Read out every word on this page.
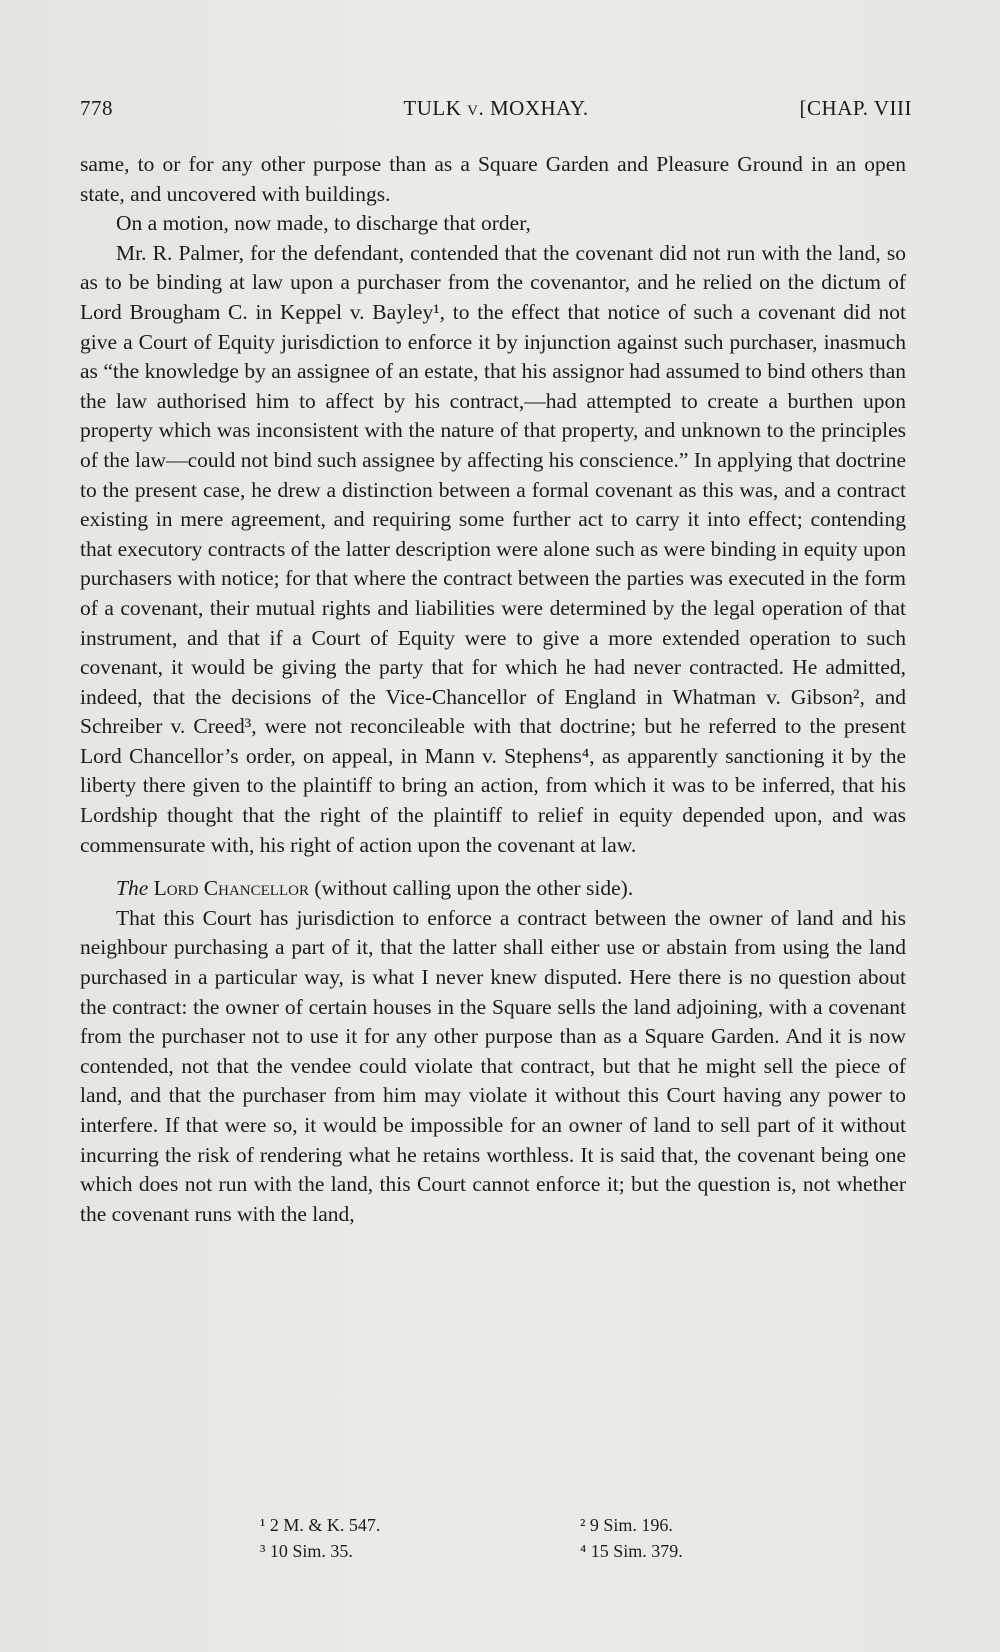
778	TULK v. MOXHAY.	[CHAP. VIII

same, to or for any other purpose than as a Square Garden and Pleasure Ground in an open state, and uncovered with buildings.

On a motion, now made, to discharge that order,

Mr. R. Palmer, for the defendant, contended that the covenant did not run with the land, so as to be binding at law upon a purchaser from the covenantor, and he relied on the dictum of Lord Brougham C. in Keppel v. Bayley¹, to the effect that notice of such a covenant did not give a Court of Equity jurisdiction to enforce it by injunction against such purchaser, inasmuch as “the knowledge by an assignee of an estate, that his assignor had assumed to bind others than the law authorised him to affect by his contract,—had attempted to create a burthen upon property which was inconsistent with the nature of that property, and unknown to the principles of the law—could not bind such assignee by affecting his conscience.” In applying that doctrine to the present case, he drew a distinction between a formal covenant as this was, and a contract existing in mere agreement, and requiring some further act to carry it into effect; contending that executory contracts of the latter description were alone such as were binding in equity upon purchasers with notice; for that where the contract between the parties was executed in the form of a covenant, their mutual rights and liabilities were determined by the legal operation of that instrument, and that if a Court of Equity were to give a more extended operation to such covenant, it would be giving the party that for which he had never contracted. He admitted, indeed, that the decisions of the Vice-Chancellor of England in Whatman v. Gibson², and Schreiber v. Creed³, were not reconcileable with that doctrine; but he referred to the present Lord Chancellor’s order, on appeal, in Mann v. Stephens⁴, as apparently sanctioning it by the liberty there given to the plaintiff to bring an action, from which it was to be inferred, that his Lordship thought that the right of the plaintiff to relief in equity depended upon, and was commensurate with, his right of action upon the covenant at law.

The Lord Chancellor (without calling upon the other side).

That this Court has jurisdiction to enforce a contract between the owner of land and his neighbour purchasing a part of it, that the latter shall either use or abstain from using the land purchased in a particular way, is what I never knew disputed. Here there is no question about the contract: the owner of certain houses in the Square sells the land adjoining, with a covenant from the purchaser not to use it for any other purpose than as a Square Garden. And it is now contended, not that the vendee could violate that contract, but that he might sell the piece of land, and that the purchaser from him may violate it without this Court having any power to interfere. If that were so, it would be impossible for an owner of land to sell part of it without incurring the risk of rendering what he retains worthless. It is said that, the covenant being one which does not run with the land, this Court cannot enforce it; but the question is, not whether the covenant runs with the land,

¹ 2 M. & K. 547.	² 9 Sim. 196.
³ 10 Sim. 35.	⁴ 15 Sim. 379.
